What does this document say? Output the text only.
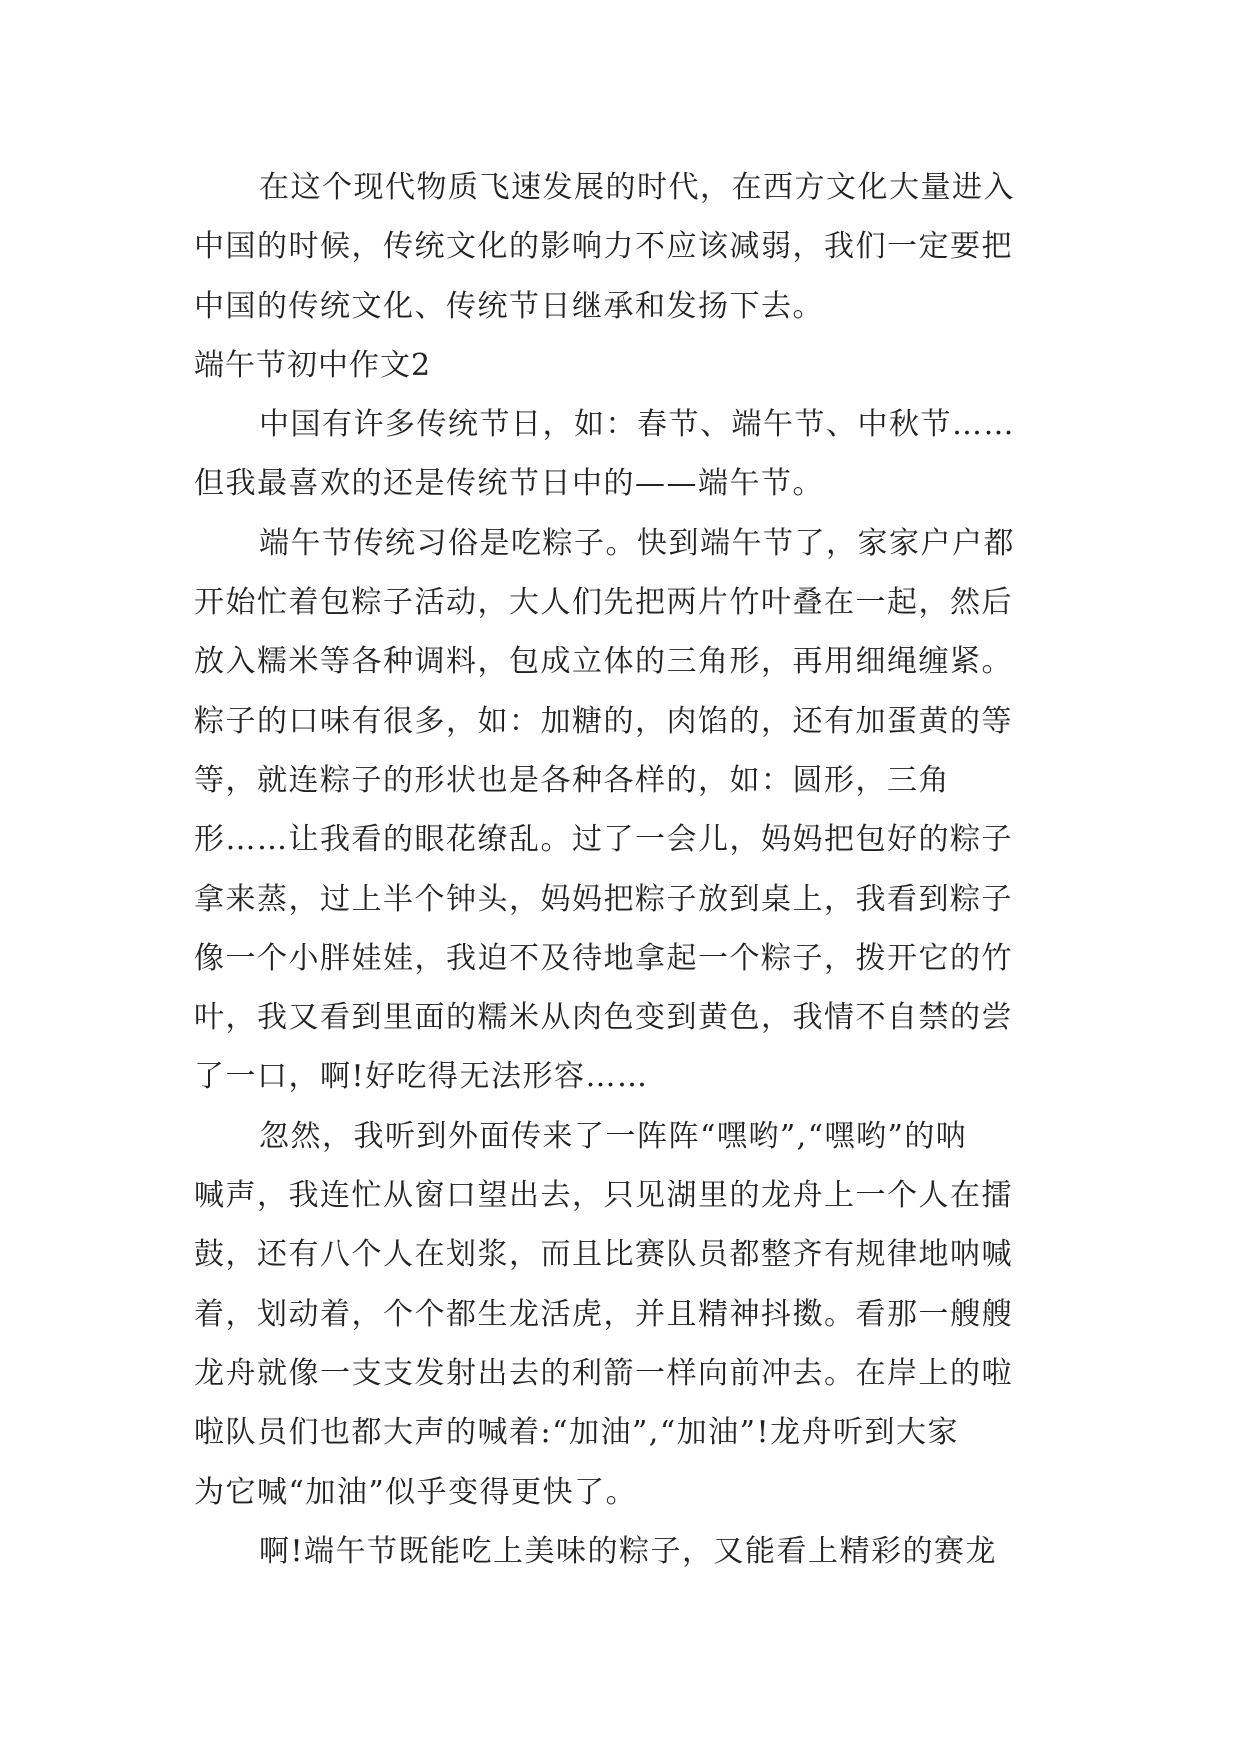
在这个现代物质飞速发展的时代，在西方文化大量进入
中国的时候，传统文化的影响力不应该减弱，我们一定要把
中国的传统文化、传统节日继承和发扬下去。
端午节初中作文2
中国有许多传统节日，如：春节、端午节、中秋节……
但我最喜欢的还是传统节日中的——端午节。
端午节传统习俗是吃粽子。快到端午节了，家家户户都
开始忙着包粽子活动，大人们先把两片竹叶叠在一起，然后
放入糯米等各种调料，包成立体的三角形，再用细绳缠紧。
粽子的口味有很多，如：加糖的，肉馅的，还有加蛋黄的等
等，就连粽子的形状也是各种各样的，如：圆形，三角
形……让我看的眼花缭乱。过了一会儿，妈妈把包好的粽子
拿来蒸，过上半个钟头，妈妈把粽子放到桌上，我看到粽子
像一个小胖娃娃，我迫不及待地拿起一个粽子，拨开它的竹
叶，我又看到里面的糯米从肉色变到黄色，我情不自禁的尝
了一口，啊!好吃得无法形容……
忽然，我听到外面传来了一阵阵“嘿哟”,“嘿哟”的呐
喊声，我连忙从窗口望出去，只见湖里的龙舟上一个人在擂
鼓，还有八个人在划浆，而且比赛队员都整齐有规律地呐喊
着，划动着，个个都生龙活虎，并且精神抖擞。看那一艘艘
龙舟就像一支支发射出去的利箭一样向前冲去。在岸上的啦
啦队员们也都大声的喊着:“加油”,“加油”!龙舟听到大家
为它喊“加油”似乎变得更快了。
啊!端午节既能吃上美味的粽子，又能看上精彩的赛龙
